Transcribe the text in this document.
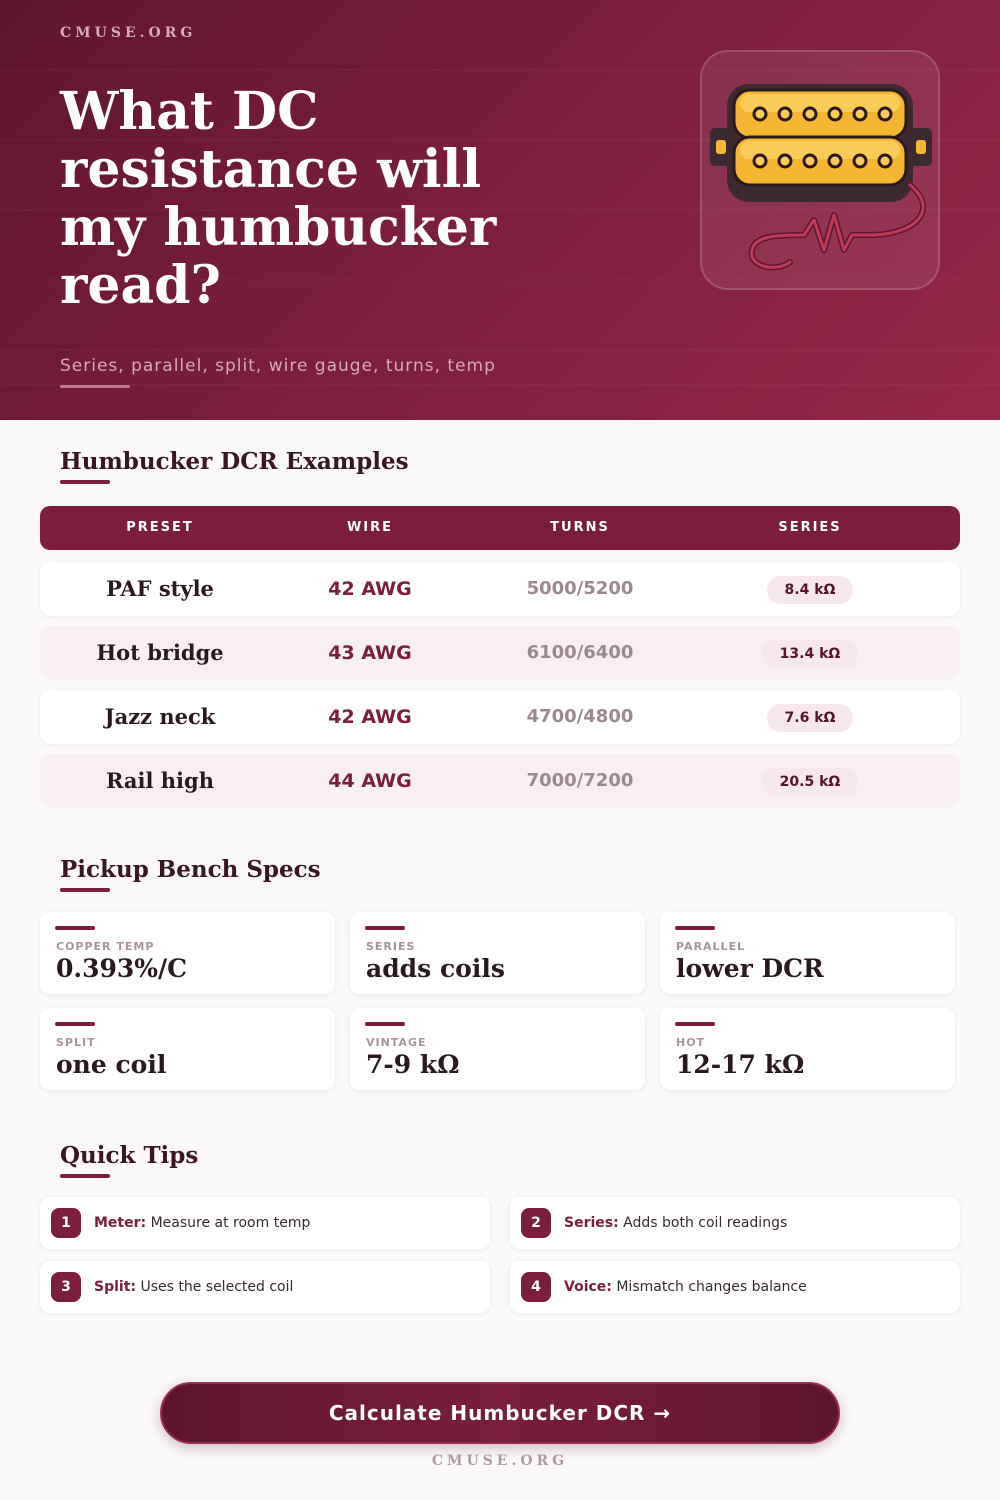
CMUSE.ORG
What DC resistance will my humbucker read?
Series, parallel, split, wire gauge, turns, temp
Humbucker DCR Examples
PRESET	WIRE	TURNS	SERIES
PAF style	42 AWG	5000/5200	8.4 kΩ
Hot bridge	43 AWG	6100/6400	13.4 kΩ
Jazz neck	42 AWG	4700/4800	7.6 kΩ
Rail high	44 AWG	7000/7200	20.5 kΩ
Pickup Bench Specs
COPPER TEMP
0.393%/C
SERIES
adds coils
PARALLEL
lower DCR
SPLIT
one coil
VINTAGE
7-9 kΩ
HOT
12-17 kΩ
Quick Tips
1	Meter: Measure at room temp	2	Series: Adds both coil readings
3	Split: Uses the selected coil	4	Voice: Mismatch changes balance
Calculate Humbucker DCR →
CMUSE.ORG
